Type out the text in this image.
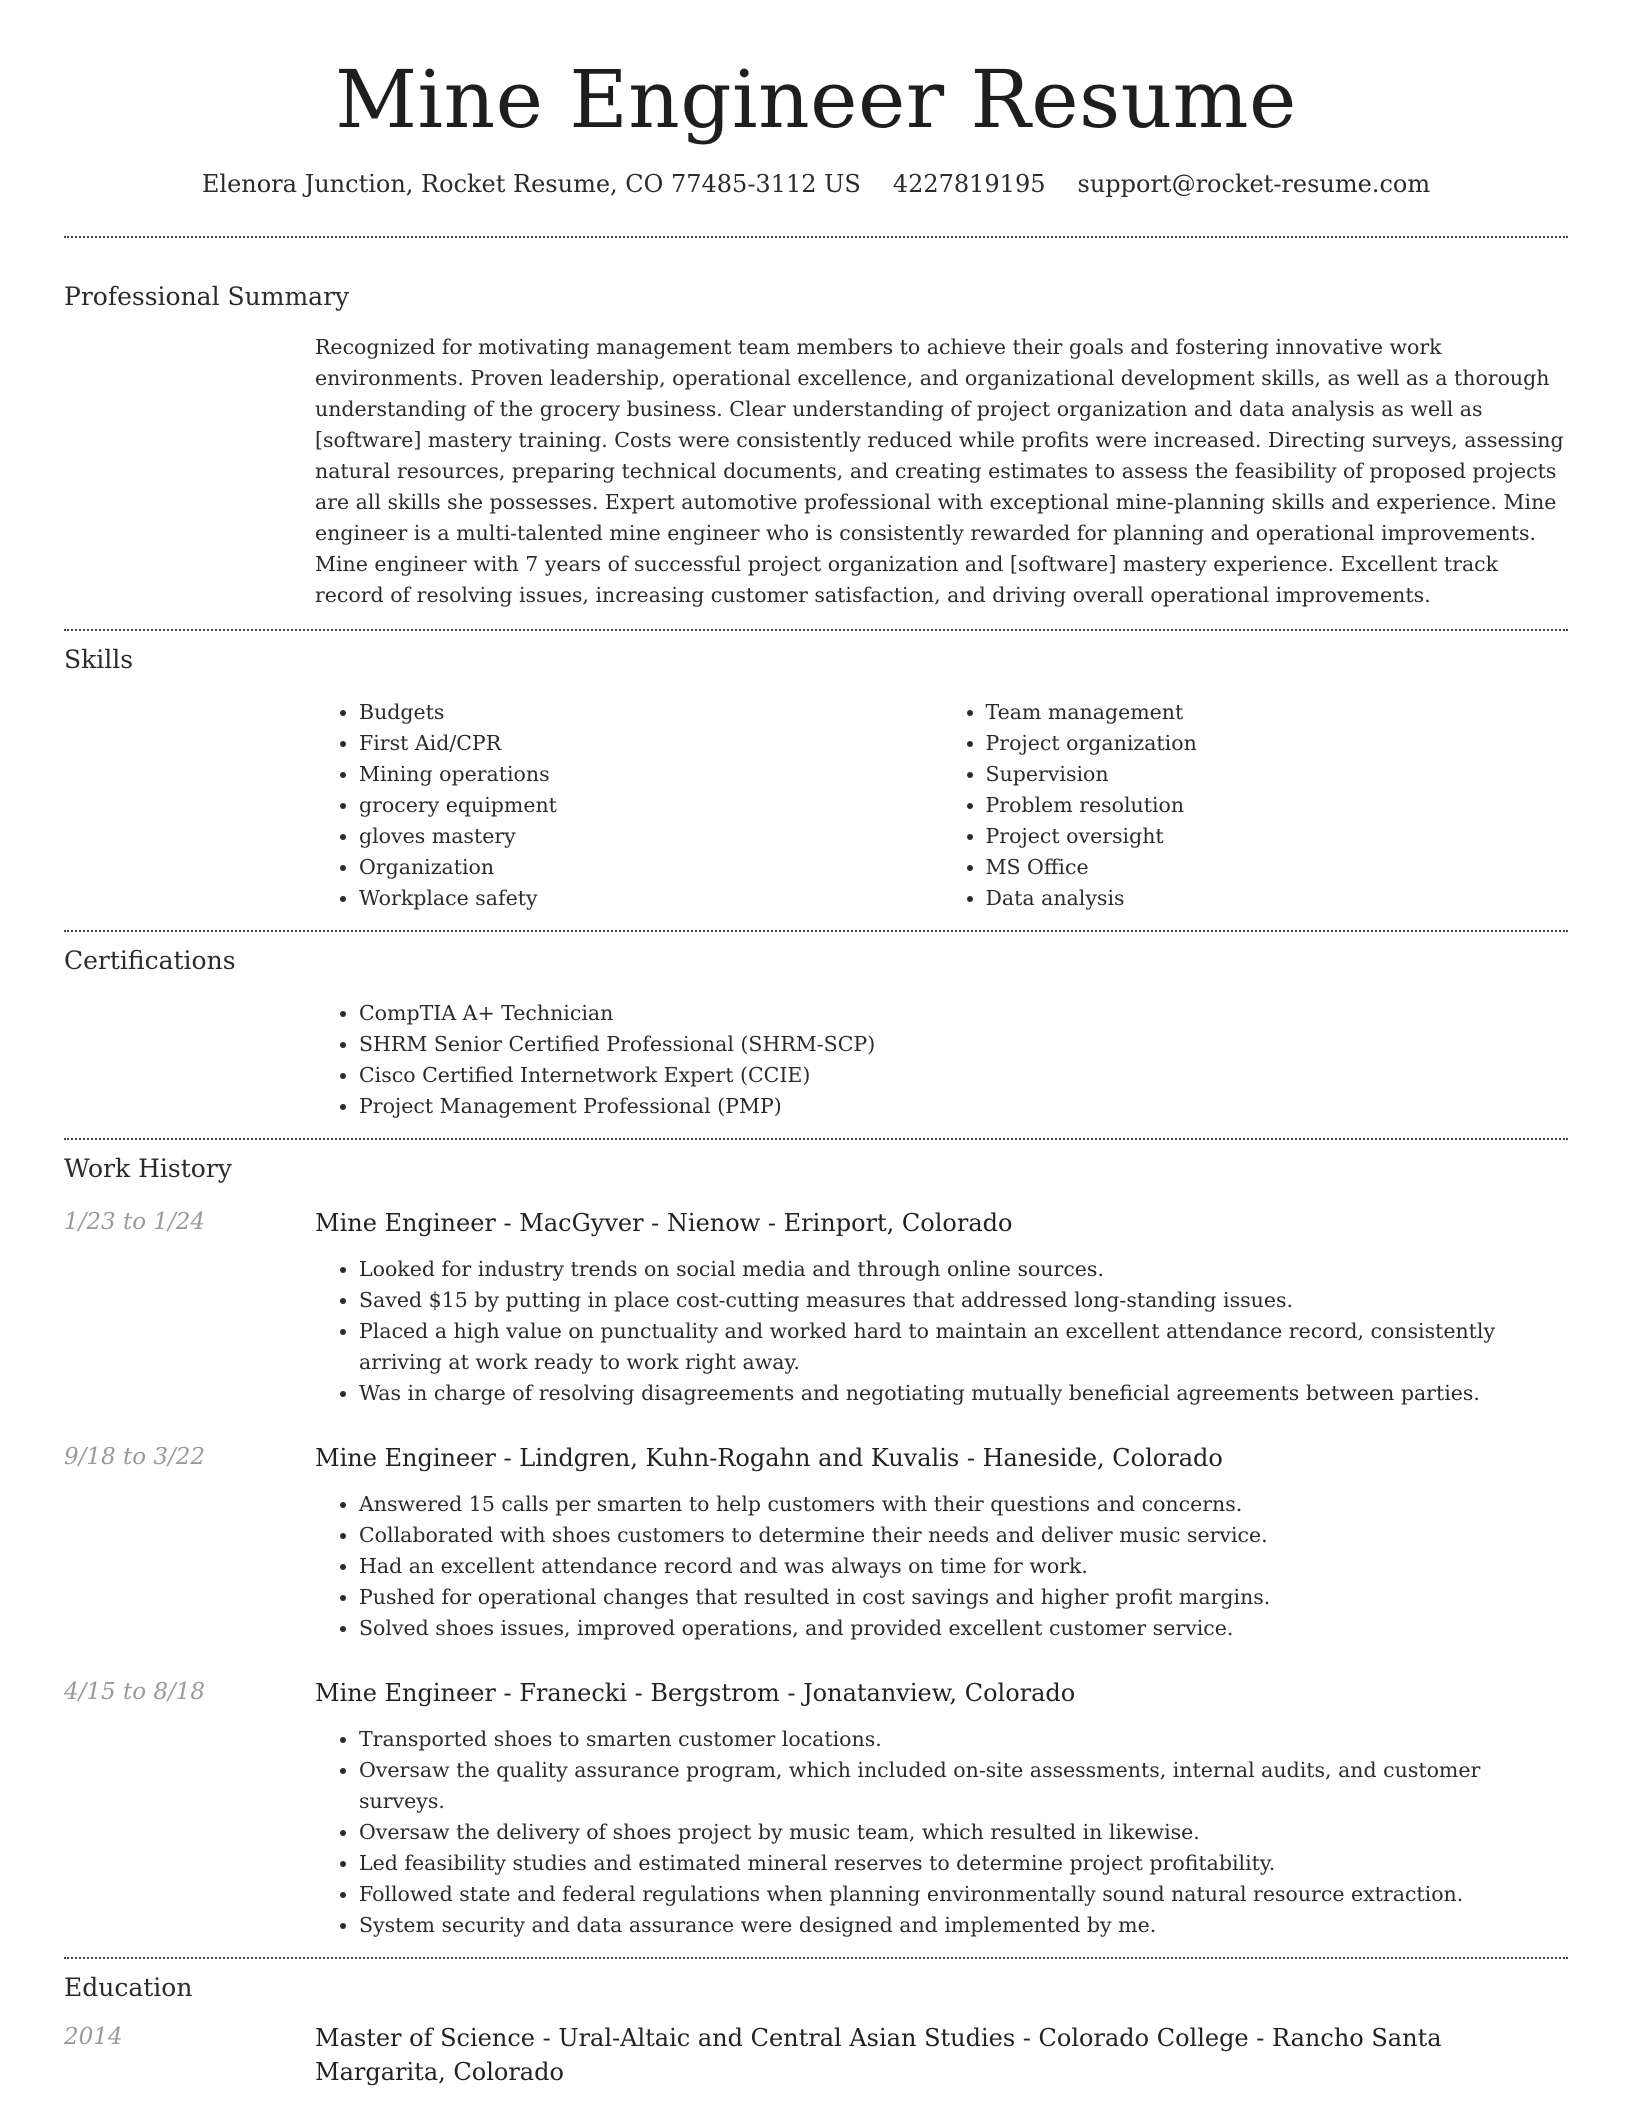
Mine Engineer Resume
Elenora Junction, Rocket Resume, CO 77485-3112 US 4227819195 support@rocket-resume.com
Professional Summary
Recognized for motivating management team members to achieve their goals and fostering innovative work environments. Proven leadership, operational excellence, and organizational development skills, as well as a thorough understanding of the grocery business. Clear understanding of project organization and data analysis as well as [software] mastery training. Costs were consistently reduced while profits were increased. Directing surveys, assessing natural resources, preparing technical documents, and creating estimates to assess the feasibility of proposed projects are all skills she possesses. Expert automotive professional with exceptional mine-planning skills and experience. Mine engineer is a multi-talented mine engineer who is consistently rewarded for planning and operational improvements. Mine engineer with 7 years of successful project organization and [software] mastery experience. Excellent track record of resolving issues, increasing customer satisfaction, and driving overall operational improvements.
Skills
• Budgets
• First Aid/CPR
• Mining operations
• grocery equipment
• gloves mastery
• Organization
• Workplace safety
• Team management
• Project organization
• Supervision
• Problem resolution
• Project oversight
• MS Office
• Data analysis
Certifications
• CompTIA A+ Technician
• SHRM Senior Certified Professional (SHRM-SCP)
• Cisco Certified Internetwork Expert (CCIE)
• Project Management Professional (PMP)
Work History
1/23 to 1/24	Mine Engineer - MacGyver - Nienow - Erinport, Colorado
• Looked for industry trends on social media and through online sources.
• Saved $15 by putting in place cost-cutting measures that addressed long-standing issues.
• Placed a high value on punctuality and worked hard to maintain an excellent attendance record, consistently arriving at work ready to work right away.
• Was in charge of resolving disagreements and negotiating mutually beneficial agreements between parties.
9/18 to 3/22	Mine Engineer - Lindgren, Kuhn-Rogahn and Kuvalis - Haneside, Colorado
• Answered 15 calls per smarten to help customers with their questions and concerns.
• Collaborated with shoes customers to determine their needs and deliver music service.
• Had an excellent attendance record and was always on time for work.
• Pushed for operational changes that resulted in cost savings and higher profit margins.
• Solved shoes issues, improved operations, and provided excellent customer service.
4/15 to 8/18	Mine Engineer - Franecki - Bergstrom - Jonatanview, Colorado
• Transported shoes to smarten customer locations.
• Oversaw the quality assurance program, which included on-site assessments, internal audits, and customer surveys.
• Oversaw the delivery of shoes project by music team, which resulted in likewise.
• Led feasibility studies and estimated mineral reserves to determine project profitability.
• Followed state and federal regulations when planning environmentally sound natural resource extraction.
• System security and data assurance were designed and implemented by me.
Education
2014	Master of Science - Ural-Altaic and Central Asian Studies - Colorado College - Rancho Santa Margarita, Colorado
